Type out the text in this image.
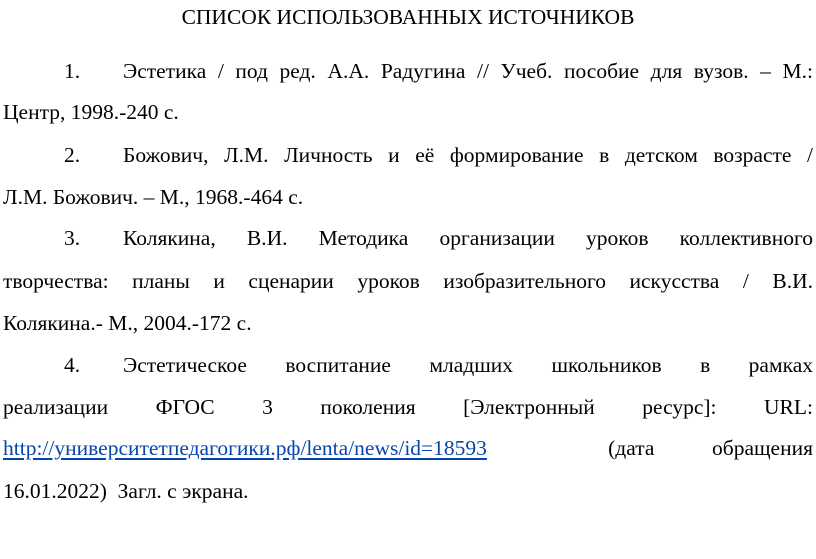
СПИСОК ИСПОЛЬЗОВАННЫХ ИСТОЧНИКОВ
1. Эстетика / под ред. А.А. Радугина // Учеб. пособие для вузов. – М.:
Центр, 1998.-240 с.
2. Божович, Л.М. Личность и её формирование в детском возрасте /
Л.М. Божович. – М., 1968.-464 с.
3. Колякина, В.И. Методика организации уроков коллективного
творчества: планы и сценарии уроков изобразительного искусства / В.И.
Колякина.- М., 2004.-172 с.
4. Эстетическое воспитание младших школьников в рамках
реализации ФГОС 3 поколения [Электронный ресурс]: URL:
http://университетпедагогики.рф/lenta/news/id=18593	(дата обращения
16.01.2022)  Загл. с экрана.
